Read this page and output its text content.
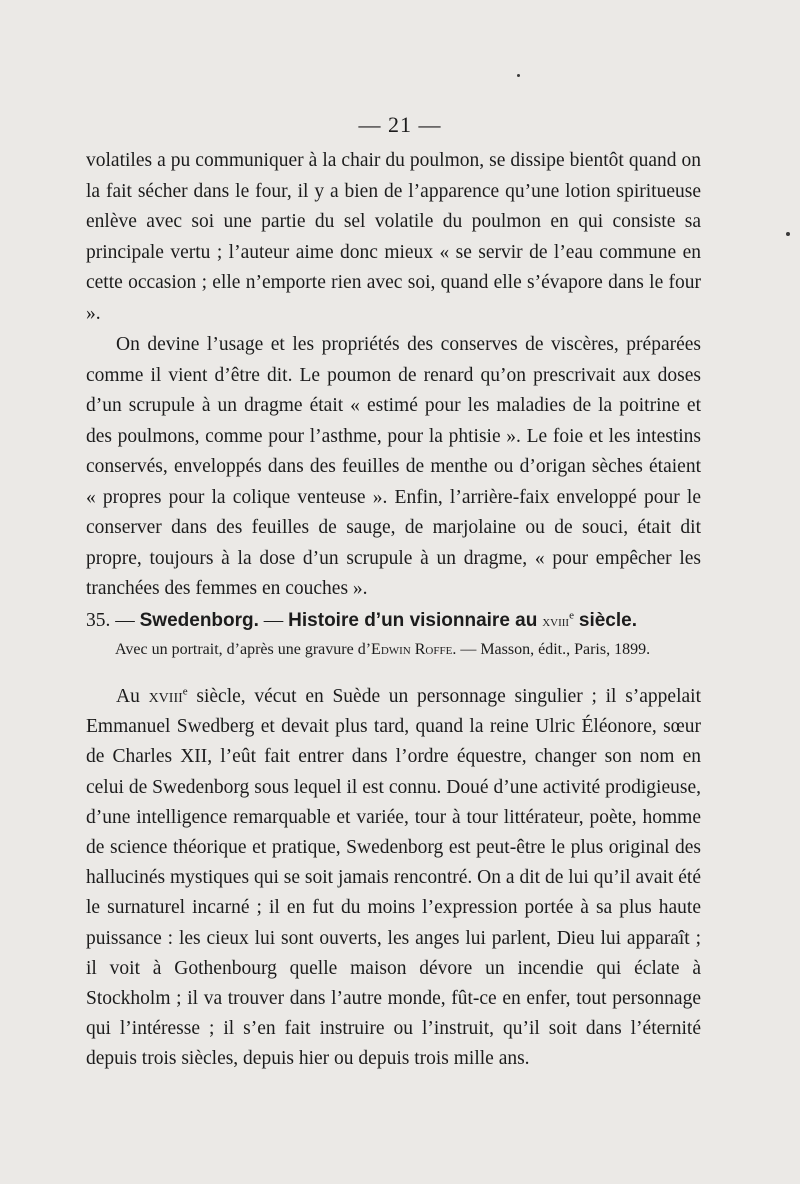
— 21 —

volatiles a pu communiquer à la chair du poulmon, se dissipe bientôt quand on la fait sécher dans le four, il y a bien de l’apparence qu’une lotion spiritueuse enlève avec soi une partie du sel volatile du poulmon en qui consiste sa principale vertu ; l’auteur aime donc mieux « se servir de l’eau commune en cette occasion ; elle n’emporte rien avec soi, quand elle s’évapore dans le four ».

On devine l’usage et les propriétés des conserves de viscères, préparées comme il vient d’être dit. Le poumon de renard qu’on prescrivait aux doses d’un scrupule à un dragme était « estimé pour les maladies de la poitrine et des poulmons, comme pour l’asthme, pour la phtisie ». Le foie et les intestins conservés, enveloppés dans des feuilles de menthe ou d’origan sèches étaient « propres pour la colique venteuse ». Enfin, l’arrière-faix enveloppé pour le conserver dans des feuilles de sauge, de marjolaine ou de souci, était dit propre, toujours à la dose d’un scrupule à un dragme, « pour empêcher les tranchées des femmes en couches ».

35. — Swedenborg. — Histoire d’un visionnaire au xviii$^e$ siècle.
Avec un portrait, d’après une gravure d’Edwin Roffe. — Masson, édit., Paris, 1899.

Au xviii$^e$ siècle, vécut en Suède un personnage singulier ; il s’appelait Emmanuel Swedberg et devait plus tard, quand la reine Ulric Éléonore, sœur de Charles XII, l’eût fait entrer dans l’ordre équestre, changer son nom en celui de Swedenborg sous lequel il est connu. Doué d’une activité prodigieuse, d’une intelligence remarquable et variée, tour à tour littérateur, poète, homme de science théorique et pratique, Swedenborg est peut-être le plus original des hallucinés mystiques qui se soit jamais rencontré. On a dit de lui qu’il avait été le surnaturel incarné ; il en fut du moins l’expression portée à sa plus haute puissance : les cieux lui sont ouverts, les anges lui parlent, Dieu lui apparaît ; il voit à Gothenbourg quelle maison dévore un incendie qui éclate à Stockholm ; il va trouver dans l’autre monde, fût-ce en enfer, tout personnage qui l’intéresse ; il s’en fait instruire ou l’instruit, qu’il soit dans l’éternité depuis trois siècles, depuis hier ou depuis trois mille ans.
